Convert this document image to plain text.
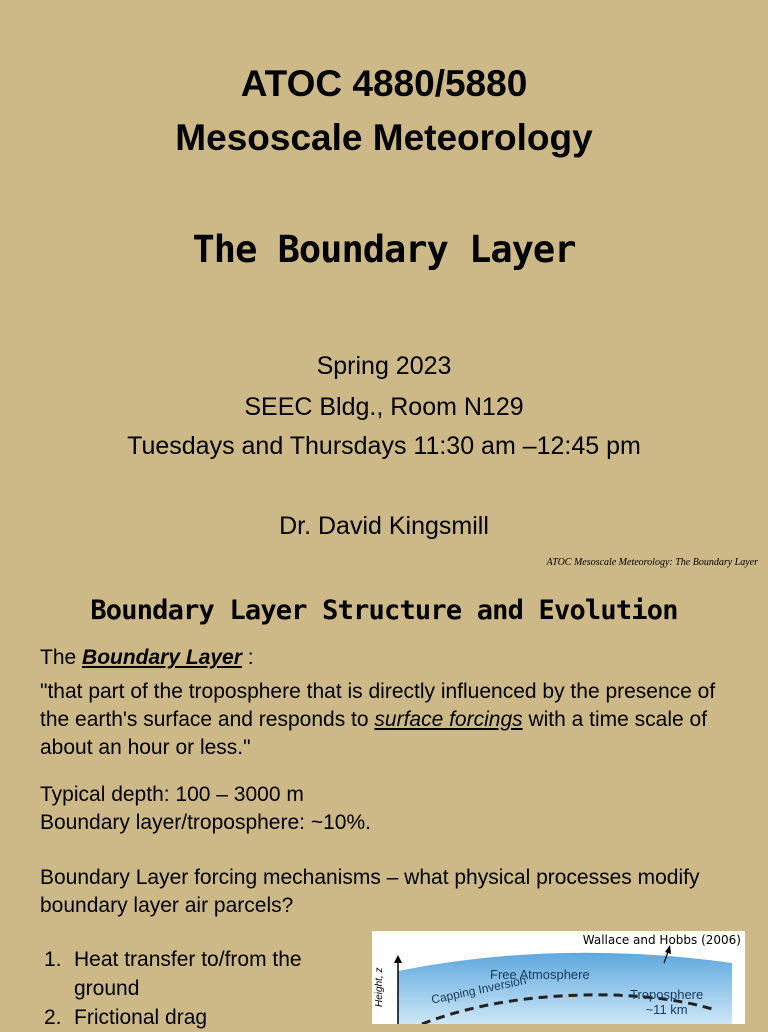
ATOC 4880/5880
Mesoscale Meteorology
The Boundary Layer
Spring 2023
SEEC Bldg., Room N129
Tuesdays and Thursdays 11:30 am –12:45 pm
Dr. David Kingsmill
ATOC Mesoscale Meteorology: The Boundary Layer
Boundary Layer Structure and Evolution
The Boundary Layer :
"that part of the troposphere that is directly influenced by the presence of the earth's surface and responds to surface forcings with a time scale of about an hour or less."
Typical depth: 100 – 3000 m
Boundary layer/troposphere: ~10%.
Boundary Layer forcing mechanisms – what physical processes modify boundary layer air parcels?
1. Heat transfer to/from the ground
2. Frictional drag
Wallace and Hobbs (2006)
Free Atmosphere
Troposphere
~11 km
Capping Inversion
Height, z
